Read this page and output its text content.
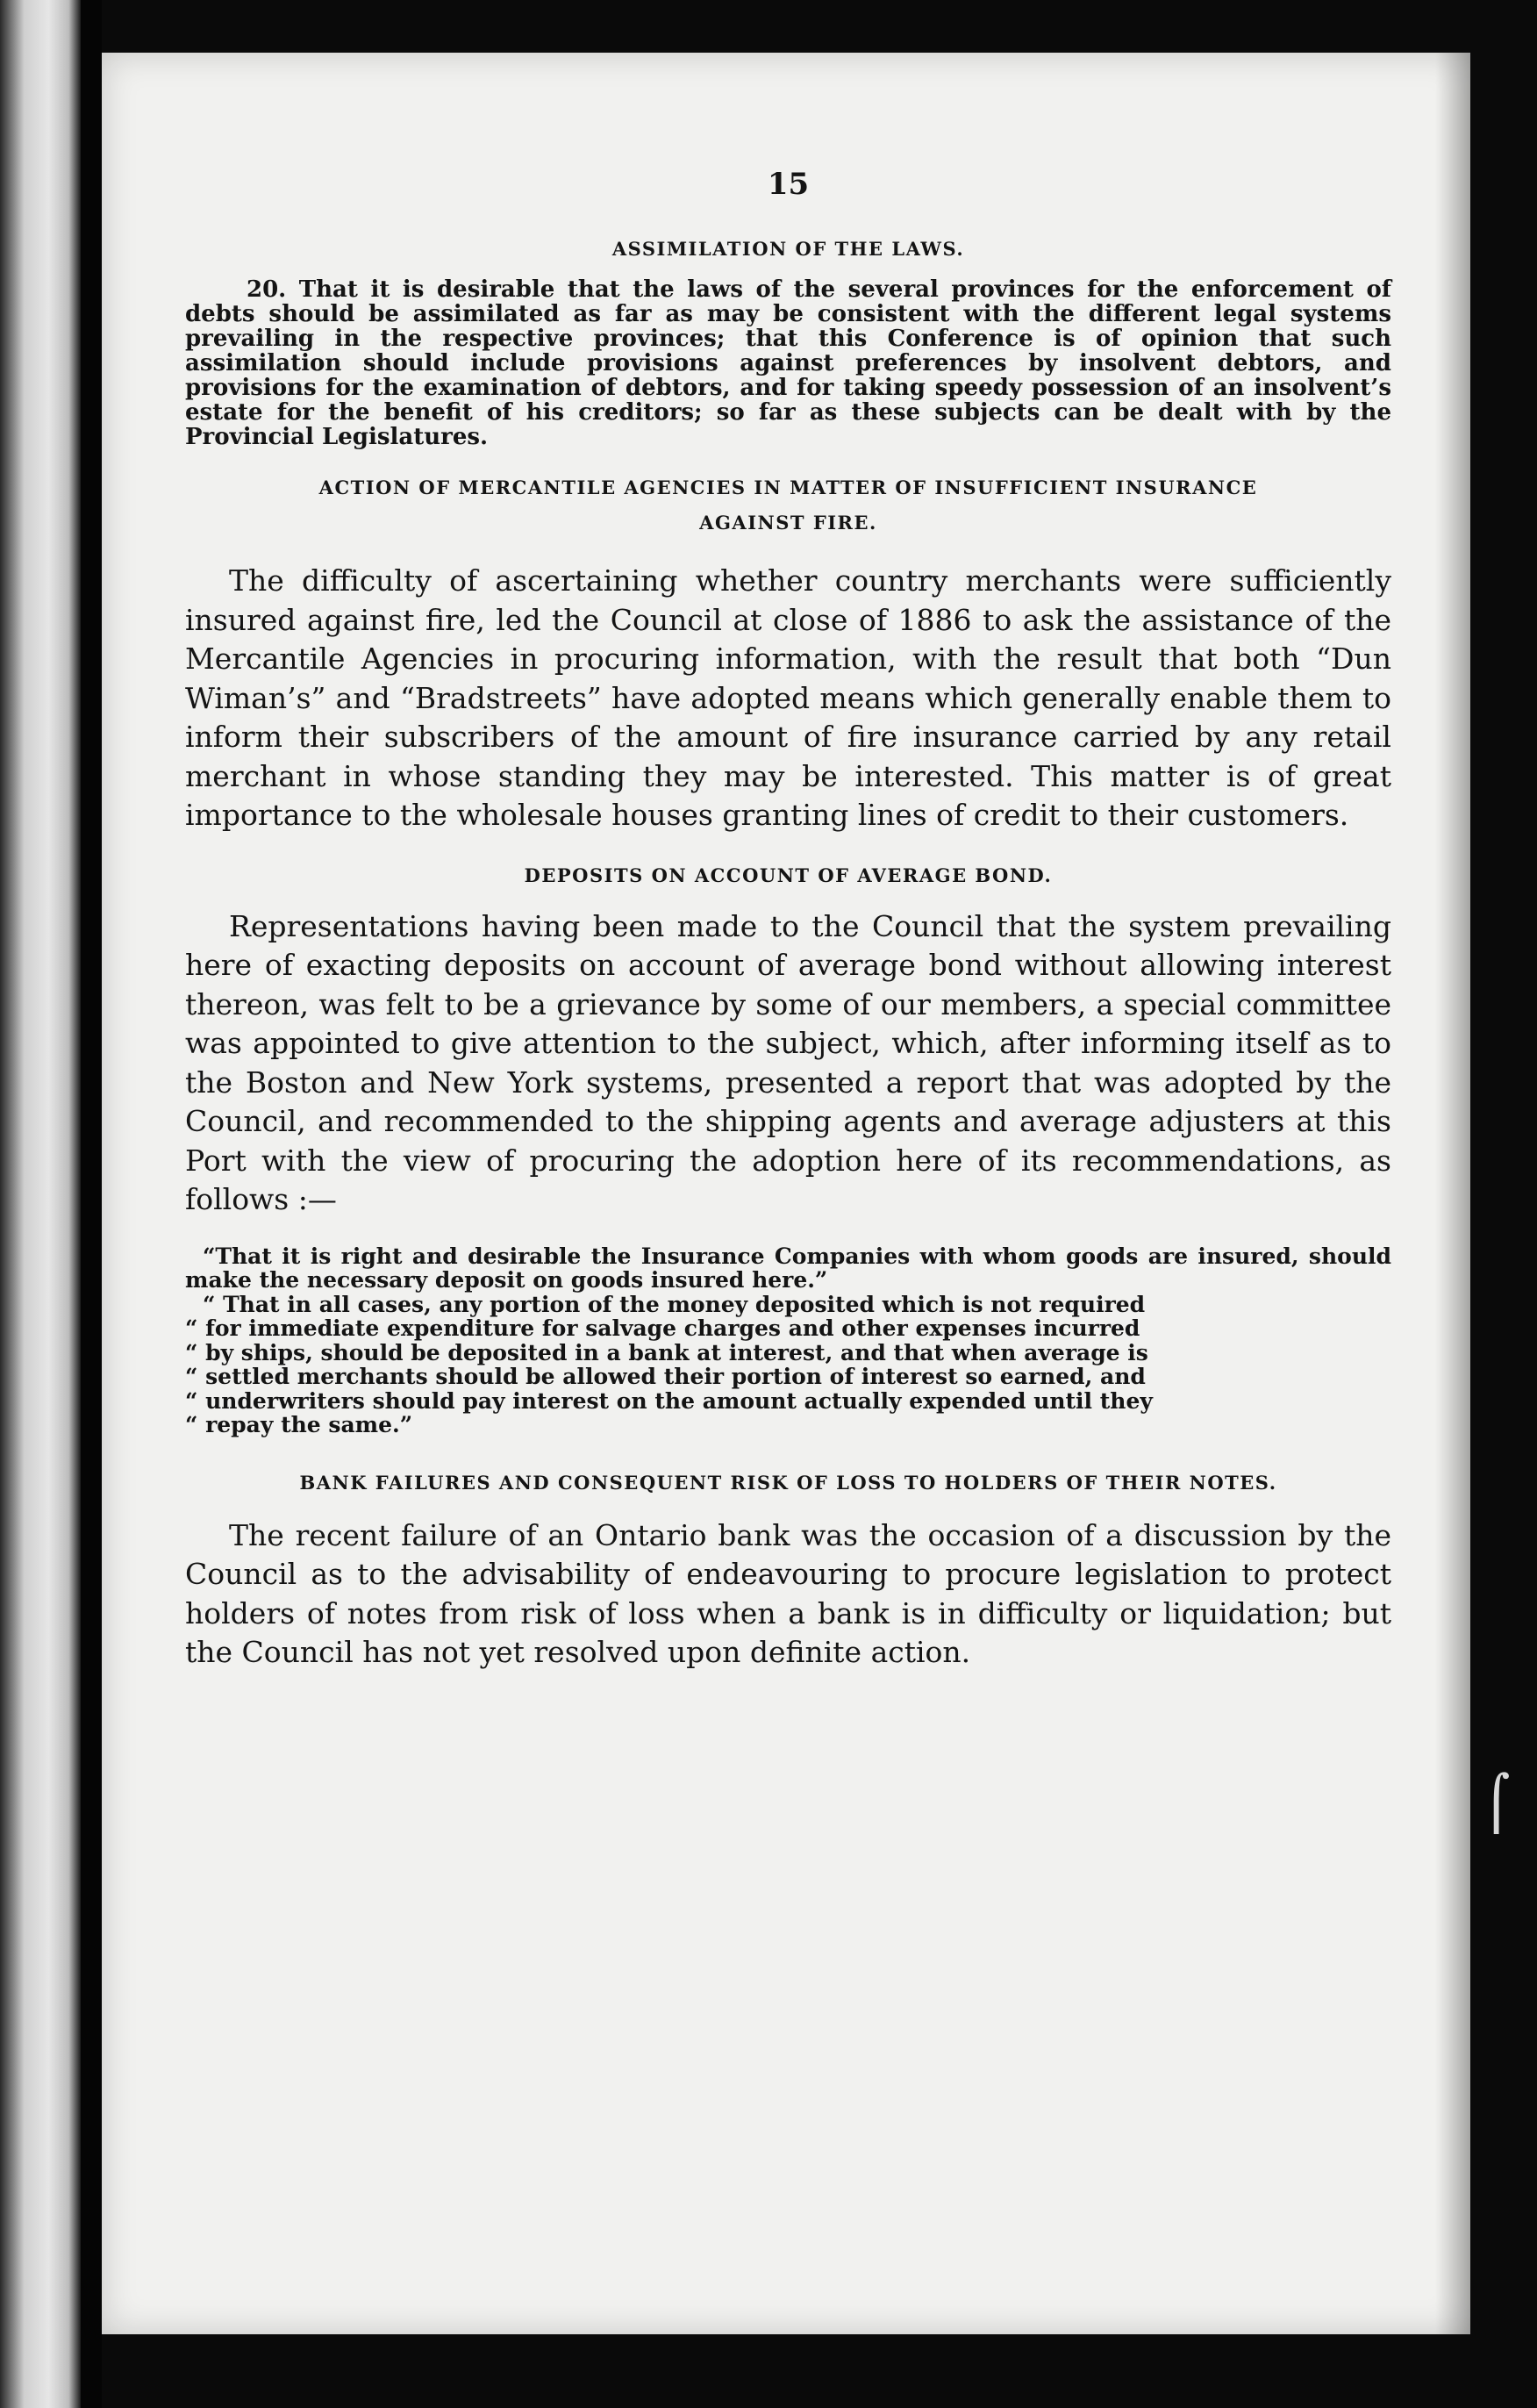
15
ASSIMILATION OF THE LAWS.

20. That it is desirable that the laws of the several provinces for the enforcement of debts should be assimilated as far as may be consistent with the different legal systems prevailing in the respective provinces; that this Conference is of opinion that such assimilation should include provisions against preferences by insolvent debtors, and provisions for the examination of debtors, and for taking speedy possession of an insolvent’s estate for the benefit of his creditors; so far as these subjects can be dealt with by the Provincial Legislatures.

ACTION OF MERCANTILE AGENCIES IN MATTER OF INSUFFICIENT INSURANCE
AGAINST FIRE.

The difficulty of ascertaining whether country merchants were sufficiently insured against fire, led the Council at close of 1886 to ask the assistance of the Mercantile Agencies in procuring information, with the result that both “Dun Wiman’s” and “Bradstreets” have adopted means which generally enable them to inform their subscribers of the amount of fire insurance carried by any retail merchant in whose standing they may be interested. This matter is of great importance to the wholesale houses granting lines of credit to their customers.

DEPOSITS ON ACCOUNT OF AVERAGE BOND.

Representations having been made to the Council that the system prevailing here of exacting deposits on account of average bond without allowing interest thereon, was felt to be a grievance by some of our members, a special committee was appointed to give attention to the subject, which, after informing itself as to the Boston and New York systems, presented a report that was adopted by the Council, and recommended to the shipping agents and average adjusters at this Port with the view of procuring the adoption here of its recommendations, as follows :—

“That it is right and desirable the Insurance Companies with whom goods are insured, should make the necessary deposit on goods insured here.”

“ That in all cases, any portion of the money deposited which is not required

“ for immediate expenditure for salvage charges and other expenses incurred

“ by ships, should be deposited in a bank at interest, and that when average is

“ settled merchants should be allowed their portion of interest so earned, and

“ underwriters should pay interest on the amount actually expended until they

“ repay the same.”

BANK FAILURES AND CONSEQUENT RISK OF LOSS TO HOLDERS OF THEIR NOTES.

The recent failure of an Ontario bank was the occasion of a discussion by the Council as to the advisability of endeavouring to procure legislation to protect holders of notes from risk of loss when a bank is in difficulty or liquidation; but the Council has not yet resolved upon definite action.

⌠
